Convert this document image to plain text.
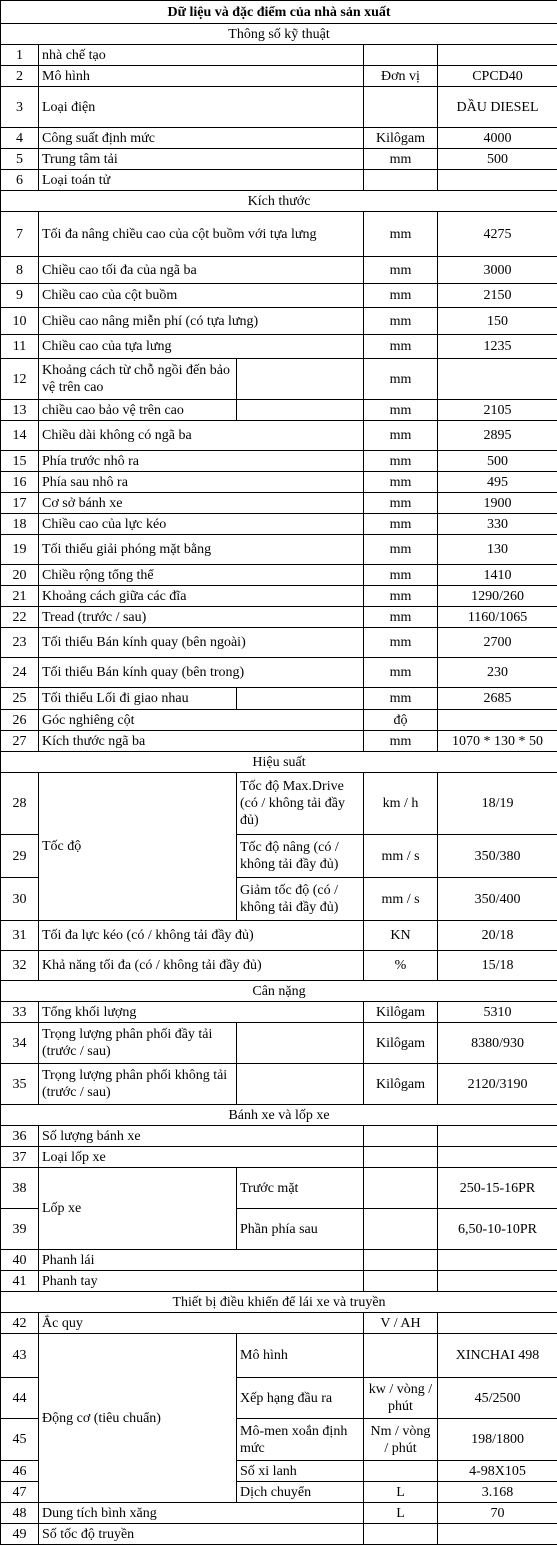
Dữ liệu và đặc điểm của nhà sản xuất				
Thông số kỹ thuật				
1	nhà chế tạo			
2	Mô hình		Đơn vị	CPCD40
3	Loại điện			DẦU DIESEL
4	Công suất định mức		Kilôgam	4000
5	Trung tâm tải		mm	500
6	Loại toán tử			
Kích thước				
7	Tối đa nâng chiều cao của cột buồm với tựa lưng		mm	4275
8	Chiều cao tối đa của ngã ba		mm	3000
9	Chiều cao của cột buồm		mm	2150
10	Chiều cao nâng miễn phí (có tựa lưng)		mm	150
11	Chiều cao của tựa lưng		mm	1235
12	Khoảng cách từ chỗ ngồi đến bảo vệ trên cao		mm	
13	chiều cao bảo vệ trên cao		mm	2105
14	Chiều dài không có ngã ba		mm	2895
15	Phía trước nhô ra		mm	500
16	Phía sau nhô ra		mm	495
17	Cơ sở bánh xe		mm	1900
18	Chiều cao của lực kéo		mm	330
19	Tối thiểu giải phóng mặt bằng		mm	130
20	Chiều rộng tổng thể		mm	1410
21	Khoảng cách giữa các đĩa		mm	1290/260
22	Tread (trước / sau)		mm	1160/1065
23	Tối thiểu Bán kính quay (bên ngoài)		mm	2700
24	Tối thiểu Bán kính quay (bên trong)		mm	230
25	Tối thiểu Lối đi giao nhau		mm	2685
26	Góc nghiêng cột		độ	
27	Kích thước ngã ba		mm	1070 * 130 * 50
Hiệu suất				
28	Tốc độ	Tốc độ Max.Drive (có / không tải đầy đủ)	km / h	18/19
29		Tốc độ nâng (có / không tải đầy đủ)	mm / s	350/380
30		Giảm tốc độ (có / không tải đầy đủ)	mm / s	350/400
31	Tối đa lực kéo (có / không tải đầy đủ)		KN	20/18
32	Khả năng tối đa (có / không tải đầy đủ)		%	15/18
Cân nặng				
33	Tổng khối lượng		Kilôgam	5310
34	Trọng lượng phân phối đầy tải (trước / sau)		Kilôgam	8380/930
35	Trọng lượng phân phối không tải (trước / sau)		Kilôgam	2120/3190
Bánh xe và lốp xe				
36	Số lượng bánh xe			
37	Loại lốp xe			
38	Lốp xe	Trước mặt		250-15-16PR
39		Phần phía sau		6,50-10-10PR
40	Phanh lái			
41	Phanh tay			
Thiết bị điều khiển để lái xe và truyền				
42	Ắc quy		V / AH	
43	Động cơ (tiêu chuẩn)	Mô hình		XINCHAI 498
44		Xếp hạng đầu ra	kw / vòng / phút	45/2500
45		Mô-men xoắn định mức	Nm / vòng / phút	198/1800
46		Số xi lanh		4-98X105
47		Dịch chuyển	L	3.168
48	Dung tích bình xăng		L	70
49	Số tốc độ truyền			
